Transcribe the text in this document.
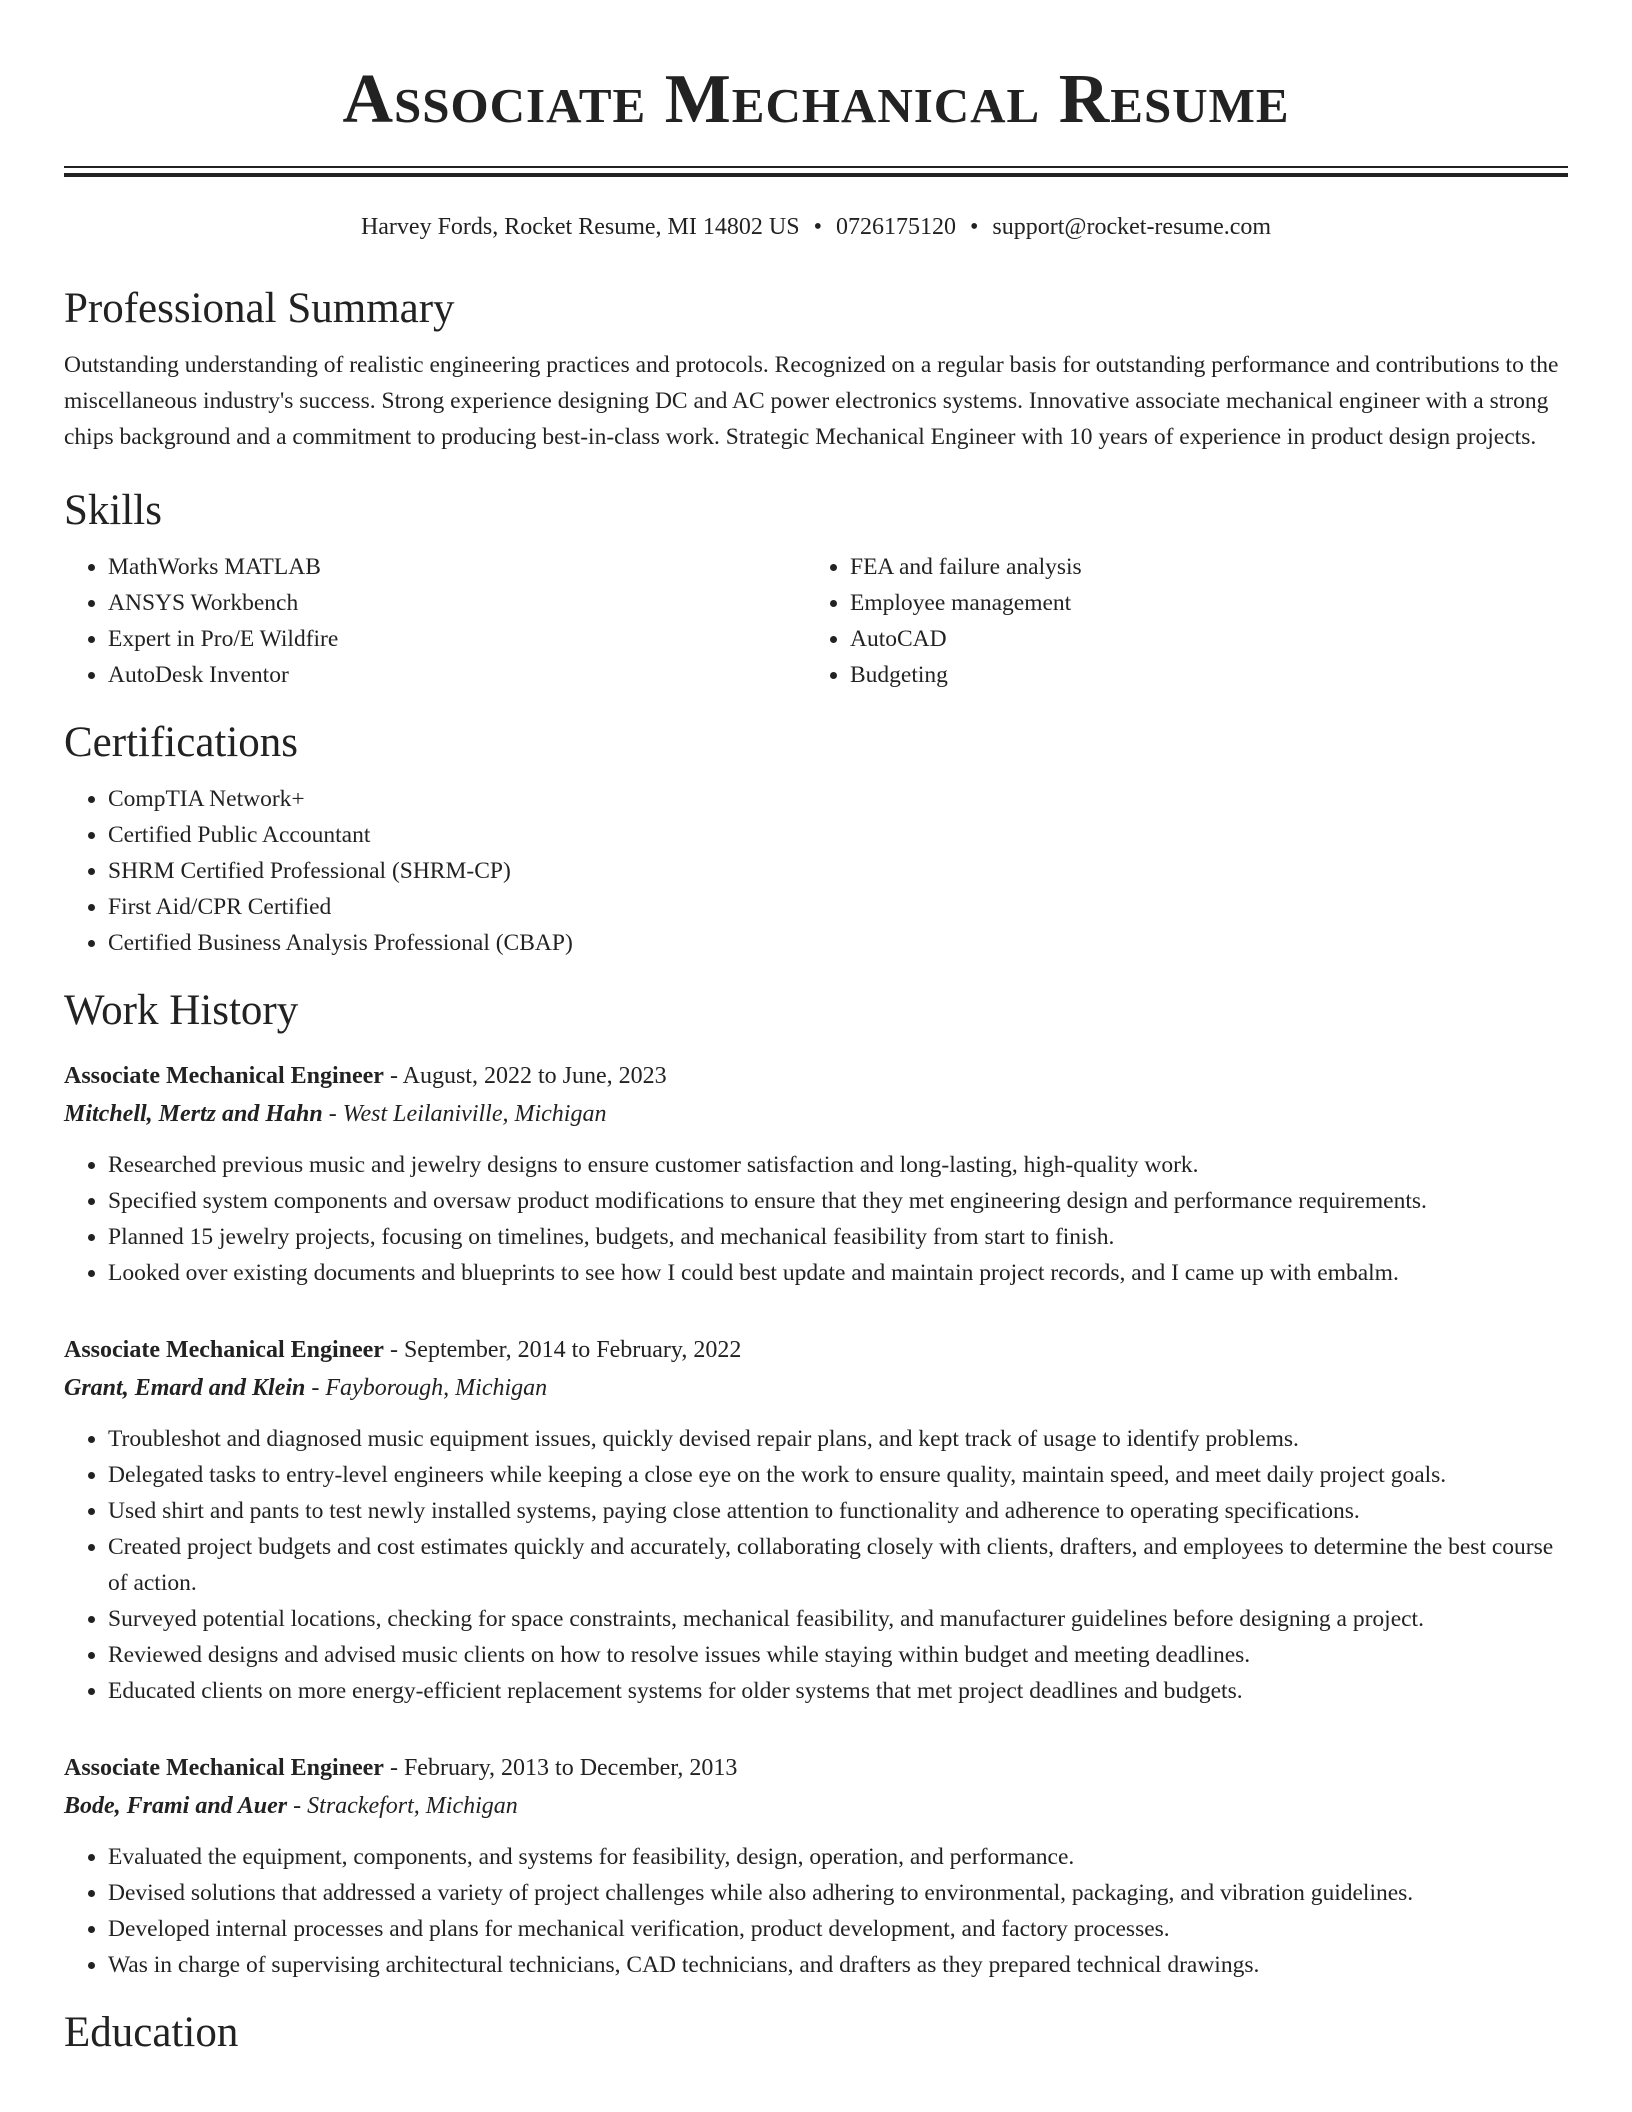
Associate Mechanical Resume
Harvey Fords, Rocket Resume, MI 14802 US • 0726175120 • support@rocket-resume.com
Professional Summary

Outstanding understanding of realistic engineering practices and protocols. Recognized on a regular basis for outstanding performance and contributions to the miscellaneous industry's success. Strong experience designing DC and AC power electronics systems. Innovative associate mechanical engineer with a strong chips background and a commitment to producing best-in-class work. Strategic Mechanical Engineer with 10 years of experience in product design projects.

Skills
• MathWorks MATLAB
• ANSYS Workbench
• Expert in Pro/E Wildfire
• AutoDesk Inventor
• FEA and failure analysis
• Employee management
• AutoCAD
• Budgeting
Certifications
• CompTIA Network+
• Certified Public Accountant
• SHRM Certified Professional (SHRM-CP)
• First Aid/CPR Certified
• Certified Business Analysis Professional (CBAP)
Work History
Associate Mechanical Engineer - August, 2022 to June, 2023
Mitchell, Mertz and Hahn - West Leilaniville, Michigan
• Researched previous music and jewelry designs to ensure customer satisfaction and long-lasting, high-quality work.
• Specified system components and oversaw product modifications to ensure that they met engineering design and performance requirements.
• Planned 15 jewelry projects, focusing on timelines, budgets, and mechanical feasibility from start to finish.
• Looked over existing documents and blueprints to see how I could best update and maintain project records, and I came up with embalm.
Associate Mechanical Engineer - September, 2014 to February, 2022
Grant, Emard and Klein - Fayborough, Michigan
• Troubleshot and diagnosed music equipment issues, quickly devised repair plans, and kept track of usage to identify problems.
• Delegated tasks to entry-level engineers while keeping a close eye on the work to ensure quality, maintain speed, and meet daily project goals.
• Used shirt and pants to test newly installed systems, paying close attention to functionality and adherence to operating specifications.
• Created project budgets and cost estimates quickly and accurately, collaborating closely with clients, drafters, and employees to determine the best course of action.
• Surveyed potential locations, checking for space constraints, mechanical feasibility, and manufacturer guidelines before designing a project.
• Reviewed designs and advised music clients on how to resolve issues while staying within budget and meeting deadlines.
• Educated clients on more energy-efficient replacement systems for older systems that met project deadlines and budgets.
Associate Mechanical Engineer - February, 2013 to December, 2013
Bode, Frami and Auer - Strackefort, Michigan
• Evaluated the equipment, components, and systems for feasibility, design, operation, and performance.
• Devised solutions that addressed a variety of project challenges while also adhering to environmental, packaging, and vibration guidelines.
• Developed internal processes and plans for mechanical verification, product development, and factory processes.
• Was in charge of supervising architectural technicians, CAD technicians, and drafters as they prepared technical drawings.
Education
